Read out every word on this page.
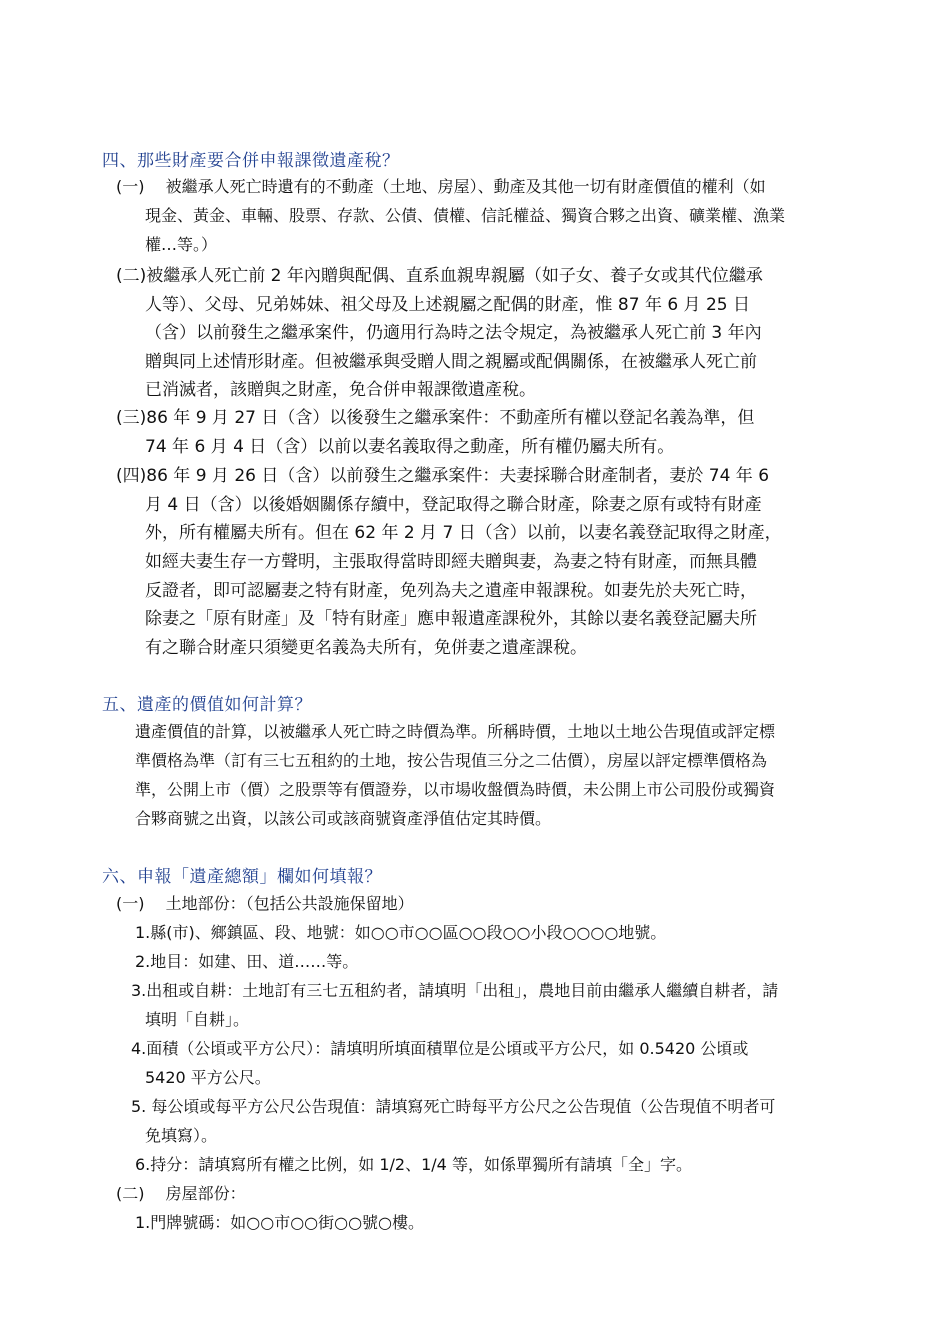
四、那些財產要合併申報課徵遺產稅？
(一)　 被繼承人死亡時遺有的不動產（土地、房屋）、動產及其他一切有財產價值的權利（如
現金、黃金、車輛、股票、存款、公債、債權、信託權益、獨資合夥之出資、礦業權、漁業
權…等。）
(二)被繼承人死亡前 2 年內贈與配偶、直系血親卑親屬（如子女、養子女或其代位繼承
人等）、父母、兄弟姊妹、祖父母及上述親屬之配偶的財產，惟 87 年 6 月 25 日
（含）以前發生之繼承案件，仍適用行為時之法令規定，為被繼承人死亡前 3 年內
贈與同上述情形財產。但被繼承與受贈人間之親屬或配偶關係，在被繼承人死亡前
已消滅者，該贈與之財產，免合併申報課徵遺產稅。
(三)86 年 9 月 27 日（含）以後發生之繼承案件：不動產所有權以登記名義為準，但
74 年 6 月 4 日（含）以前以妻名義取得之動產，所有權仍屬夫所有。
(四)86 年 9 月 26 日（含）以前發生之繼承案件：夫妻採聯合財產制者，妻於 74 年 6
月 4 日（含）以後婚姻關係存續中，登記取得之聯合財產，除妻之原有或特有財產
外，所有權屬夫所有。但在 62 年 2 月 7 日（含）以前，以妻名義登記取得之財產，
如經夫妻生存一方聲明，主張取得當時即經夫贈與妻，為妻之特有財產，而無具體
反證者，即可認屬妻之特有財產，免列為夫之遺產申報課稅。如妻先於夫死亡時，
除妻之「原有財產」及「特有財產」應申報遺產課稅外，其餘以妻名義登記屬夫所
有之聯合財產只須變更名義為夫所有，免併妻之遺產課稅。
五、遺產的價值如何計算？
遺產價值的計算，以被繼承人死亡時之時價為準。所稱時價，土地以土地公告現值或評定標
準價格為準（訂有三七五租約的土地，按公告現值三分之二估價），房屋以評定標準價格為
準，公開上市（價）之股票等有價證券，以市場收盤價為時價，未公開上市公司股份或獨資
合夥商號之出資，以該公司或該商號資產淨值估定其時價。
六、申報「遺產總額」欄如何填報？
(一)　 土地部份：（包括公共設施保留地）
1.縣(市)、鄉鎮區、段、地號：如○○市○○區○○段○○小段○○○○地號。
2.地目：如建、田、道……等。
3.出租或自耕：土地訂有三七五租約者，請填明「出租」，農地目前由繼承人繼續自耕者，請
填明「自耕」。
4.面積（公頃或平方公尺）：請填明所填面積單位是公頃或平方公尺，如 0.5420 公頃或
5420 平方公尺。
5. 每公頃或每平方公尺公告現值：請填寫死亡時每平方公尺之公告現值（公告現值不明者可
免填寫）。
6.持分：請填寫所有權之比例，如 1/2、1/4 等，如係單獨所有請填「全」字。
(二)　 房屋部份：
1.門牌號碼：如○○市○○街○○號○樓。
